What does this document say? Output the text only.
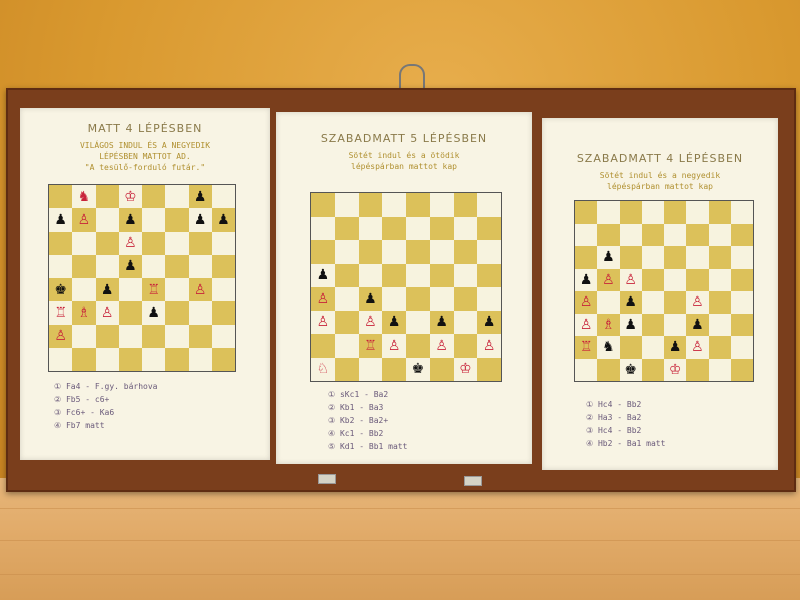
MATT 4 LÉPÉSBEN
VILÁGOS INDUL ÉS A NEGYEDIK
LÉPÉSBEN MATTOT AD.
"A tesülő-forduló futár."
♞ ♔	♟
♟ ♙ ♟	♟ ♟
♙
♟
♚ ♟ ♖ ♙
♖ ♗ ♙ ♟
♙
① Fa4 - F.gy. bárhova
② Fb5 - c6+
③ Fc6+ - Ka6
④ Fb7 matt
SZABADMATT 5 LÉPÉSBEN
Sötét indul és a ötödik
lépéspárban mattot kap
♟
♙ ♟
♙ ♙ ♟ ♟ ♟
♖ ♙ ♙ ♙
♘	♚ ♔
① sKc1 - Ba2
② Kb1 - Ba3
③ Kb2 - Ba2+
④ Kc1 - Bb2
⑤ Kd1 - Bb1 matt
SZABADMATT 4 LÉPÉSBEN
Sötét indul és a negyedik
lépéspárban mattot kap
♟
♟ ♙ ♙
♙ ♟	♙
♙ ♗ ♟	♟
♖ ♞	♟ ♙
♚ ♔
① Hc4 - Bb2
② Ha3 - Ba2
③ Hc4 - Bb2
④ Hb2 - Ba1 matt
